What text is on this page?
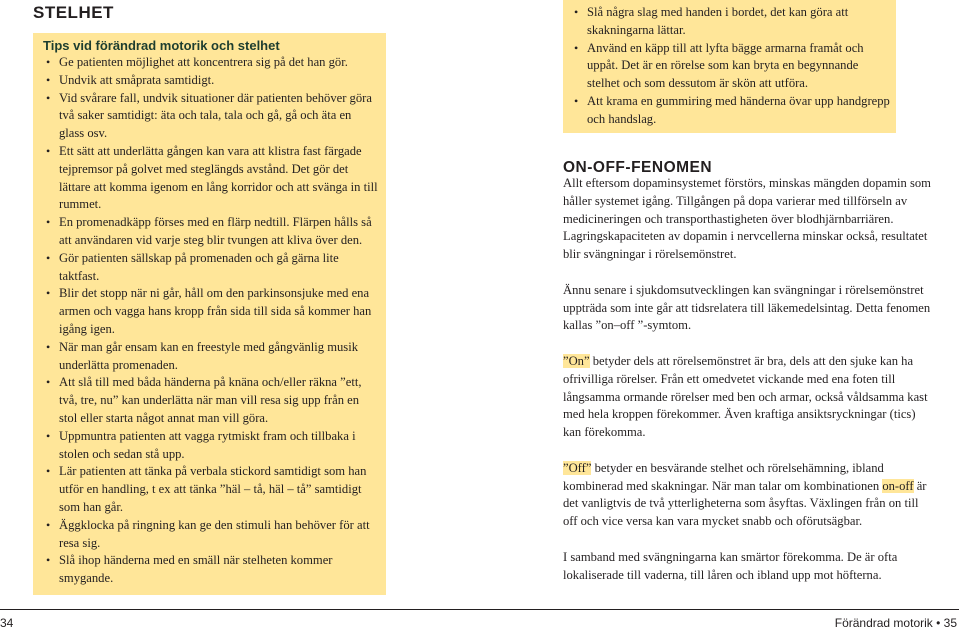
STELHET
Tips vid förändrad motorik och stelhet
• Ge patienten möjlighet att koncentrera sig på det han gör.
• Undvik att småprata samtidigt.
• Vid svårare fall, undvik situationer där patienten behöver göra två saker samtidigt: äta och tala, tala och gå, gå och äta en glass osv.
• Ett sätt att underlätta gången kan vara att klistra fast färgade tejpremsor på golvet med steglängds avstånd. Det gör det lättare att komma igenom en lång korridor och att svänga in till rummet.
• En promenadkäpp förses med en flärp nedtill. Flärpen hålls så att användaren vid varje steg blir tvungen att kliva över den.
• Gör patienten sällskap på promenaden och gå gärna lite taktfast.
• Blir det stopp när ni går, håll om den parkinsonsjuke med ena armen och vagga hans kropp från sida till sida så kommer han igång igen.
• När man går ensam kan en freestyle med gångvänlig musik underlätta promenaden.
• Att slå till med båda händerna på knäna och/eller räkna ”ett, två, tre, nu” kan underlätta när man vill resa sig upp från en stol eller starta något annat man vill göra.
• Uppmuntra patienten att vagga rytmiskt fram och tillbaka i stolen och sedan stå upp.
• Lär patienten att tänka på verbala stickord samtidigt som han utför en handling, t ex att tänka ”häl – tå, häl – tå” samtidigt som han går.
• Äggklocka på ringning kan ge den stimuli han behöver för att resa sig.
• Slå ihop händerna med en smäll när stelheten kommer smygande.
• Slå några slag med handen i bordet, det kan göra att skakningarna lättar.
• Använd en käpp till att lyfta bägge armarna framåt och uppåt. Det är en rörelse som kan bryta en begynnande stelhet och som dessutom är skön att utföra.
• Att krama en gummiring med händerna övar upp handgrepp och handslag.
ON-OFF-FENOMEN

Allt eftersom dopaminsystemet förstörs, minskas mängden dopamin som håller systemet igång. Tillgången på dopa varierar med tillförseln av medicineringen och transporthastigheten över blodhjärnbarriären. Lagringskapaciteten av dopamin i nervcellerna minskar också, resultatet blir svängningar i rörelsemönstret.

Ännu senare i sjukdomsutvecklingen kan svängningar i rörelsemönstret uppträda som inte går att tidsrelatera till läkemedelsintag. Detta fenomen kallas ”on–off ”-symtom.

”On” betyder dels att rörelsemönstret är bra, dels att den sjuke kan ha ofrivilliga rörelser. Från ett omedvetet vickande med ena foten till långsamma ormande rörelser med ben och armar, också våldsamma kast med hela kroppen förekommer. Även kraftiga ansiktsryckningar (tics) kan förekomma.

”Off” betyder en besvärande stelhet och rörelsehämning, ibland kombinerad med skakningar. När man talar om kombinationen on-off är det vanligtvis de två ytterligheterna som åsyftas. Växlingen från on till off och vice versa kan vara mycket snabb och oförutsägbar.

I samband med svängningarna kan smärtor förekomma. De är ofta lokaliserade till vaderna, till låren och ibland upp mot höfterna.

34	Förändrad motorik • 35
